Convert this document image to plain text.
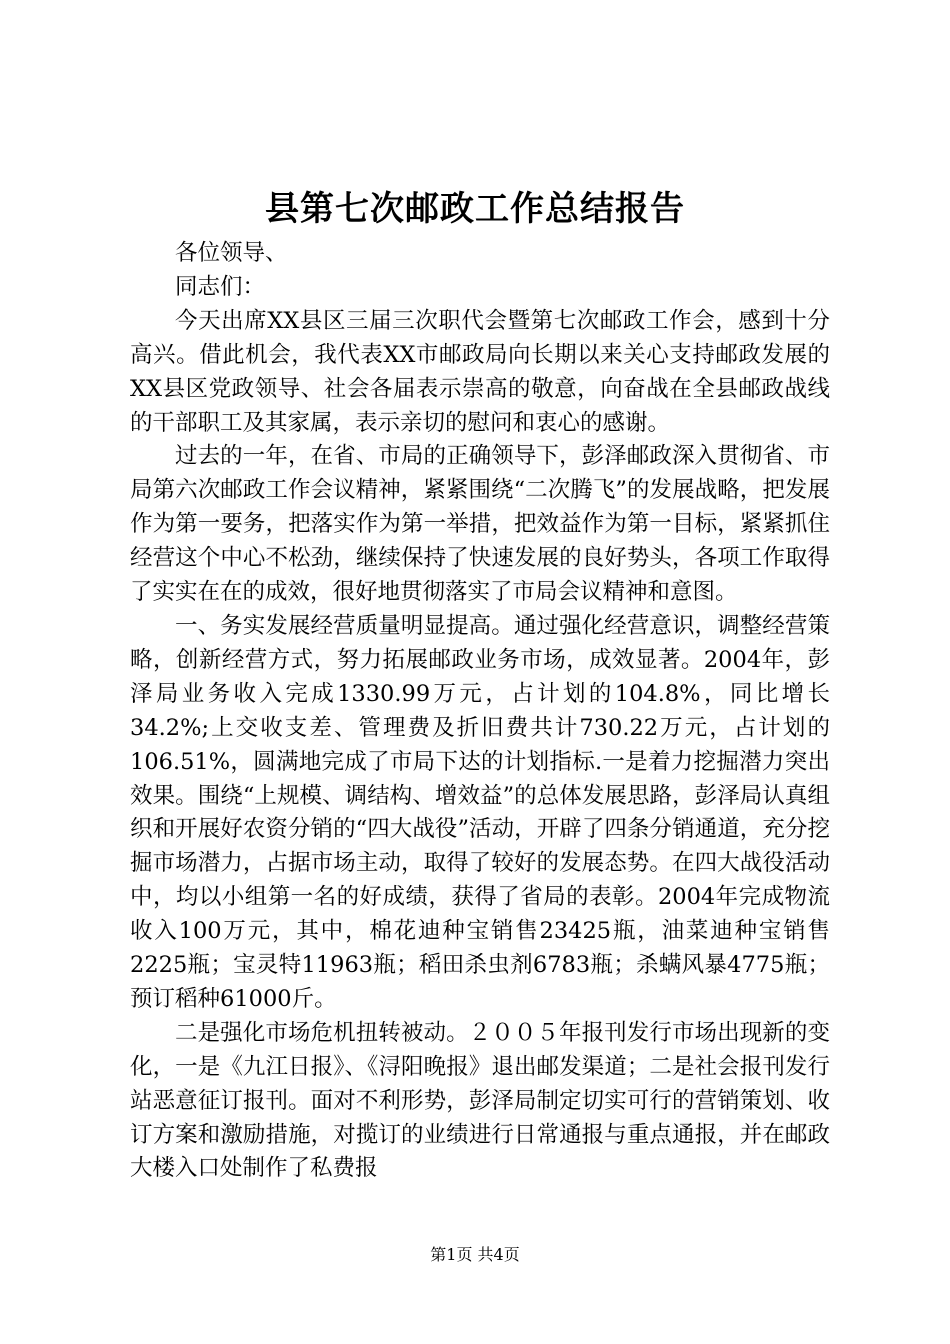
县第七次邮政工作总结报告

各位领导、

同志们：

今天出席XX县区三届三次职代会暨第七次邮政工作会，感到十分高兴。借此机会，我代表XX市邮政局向长期以来关心支持邮政发展的XX县区党政领导、社会各届表示崇高的敬意，向奋战在全县邮政战线的干部职工及其家属，表示亲切的慰问和衷心的感谢。

过去的一年，在省、市局的正确领导下，彭泽邮政深入贯彻省、市局第六次邮政工作会议精神，紧紧围绕“二次腾飞”的发展战略，把发展作为第一要务，把落实作为第一举措，把效益作为第一目标，紧紧抓住经营这个中心不松劲，继续保持了快速发展的良好势头，各项工作取得了实实在在的成效，很好地贯彻落实了市局会议精神和意图。

一、务实发展经营质量明显提高。通过强化经营意识，调整经营策略，创新经营方式，努力拓展邮政业务市场，成效显著。2004年，彭泽局业务收入完成1330.99万元，占计划的104.8%，同比增长34.2%;上交收支差、管理费及折旧费共计730.22万元，占计划的106.51%，圆满地完成了市局下达的计划指标.一是着力挖掘潜力突出效果。围绕“上规模、调结构、增效益”的总体发展思路，彭泽局认真组织和开展好农资分销的“四大战役”活动，开辟了四条分销通道，充分挖掘市场潜力，占据市场主动，取得了较好的发展态势。在四大战役活动中，均以小组第一名的好成绩，获得了省局的表彰。2004年完成物流收入100万元，其中，棉花迪种宝销售23425瓶，油菜迪种宝销售2225瓶；宝灵特11963瓶；稻田杀虫剂6783瓶；杀螨风暴4775瓶；预订稻种61000斤。

二是强化市场危机扭转被动。２００５年报刊发行市场出现新的变化，一是《九江日报》、《浔阳晚报》退出邮发渠道；二是社会报刊发行站恶意征订报刊。面对不利形势，彭泽局制定切实可行的营销策划、收订方案和激励措施，对揽订的业绩进行日常通报与重点通报，并在邮政大楼入口处制作了私费报

第1页 共4页
